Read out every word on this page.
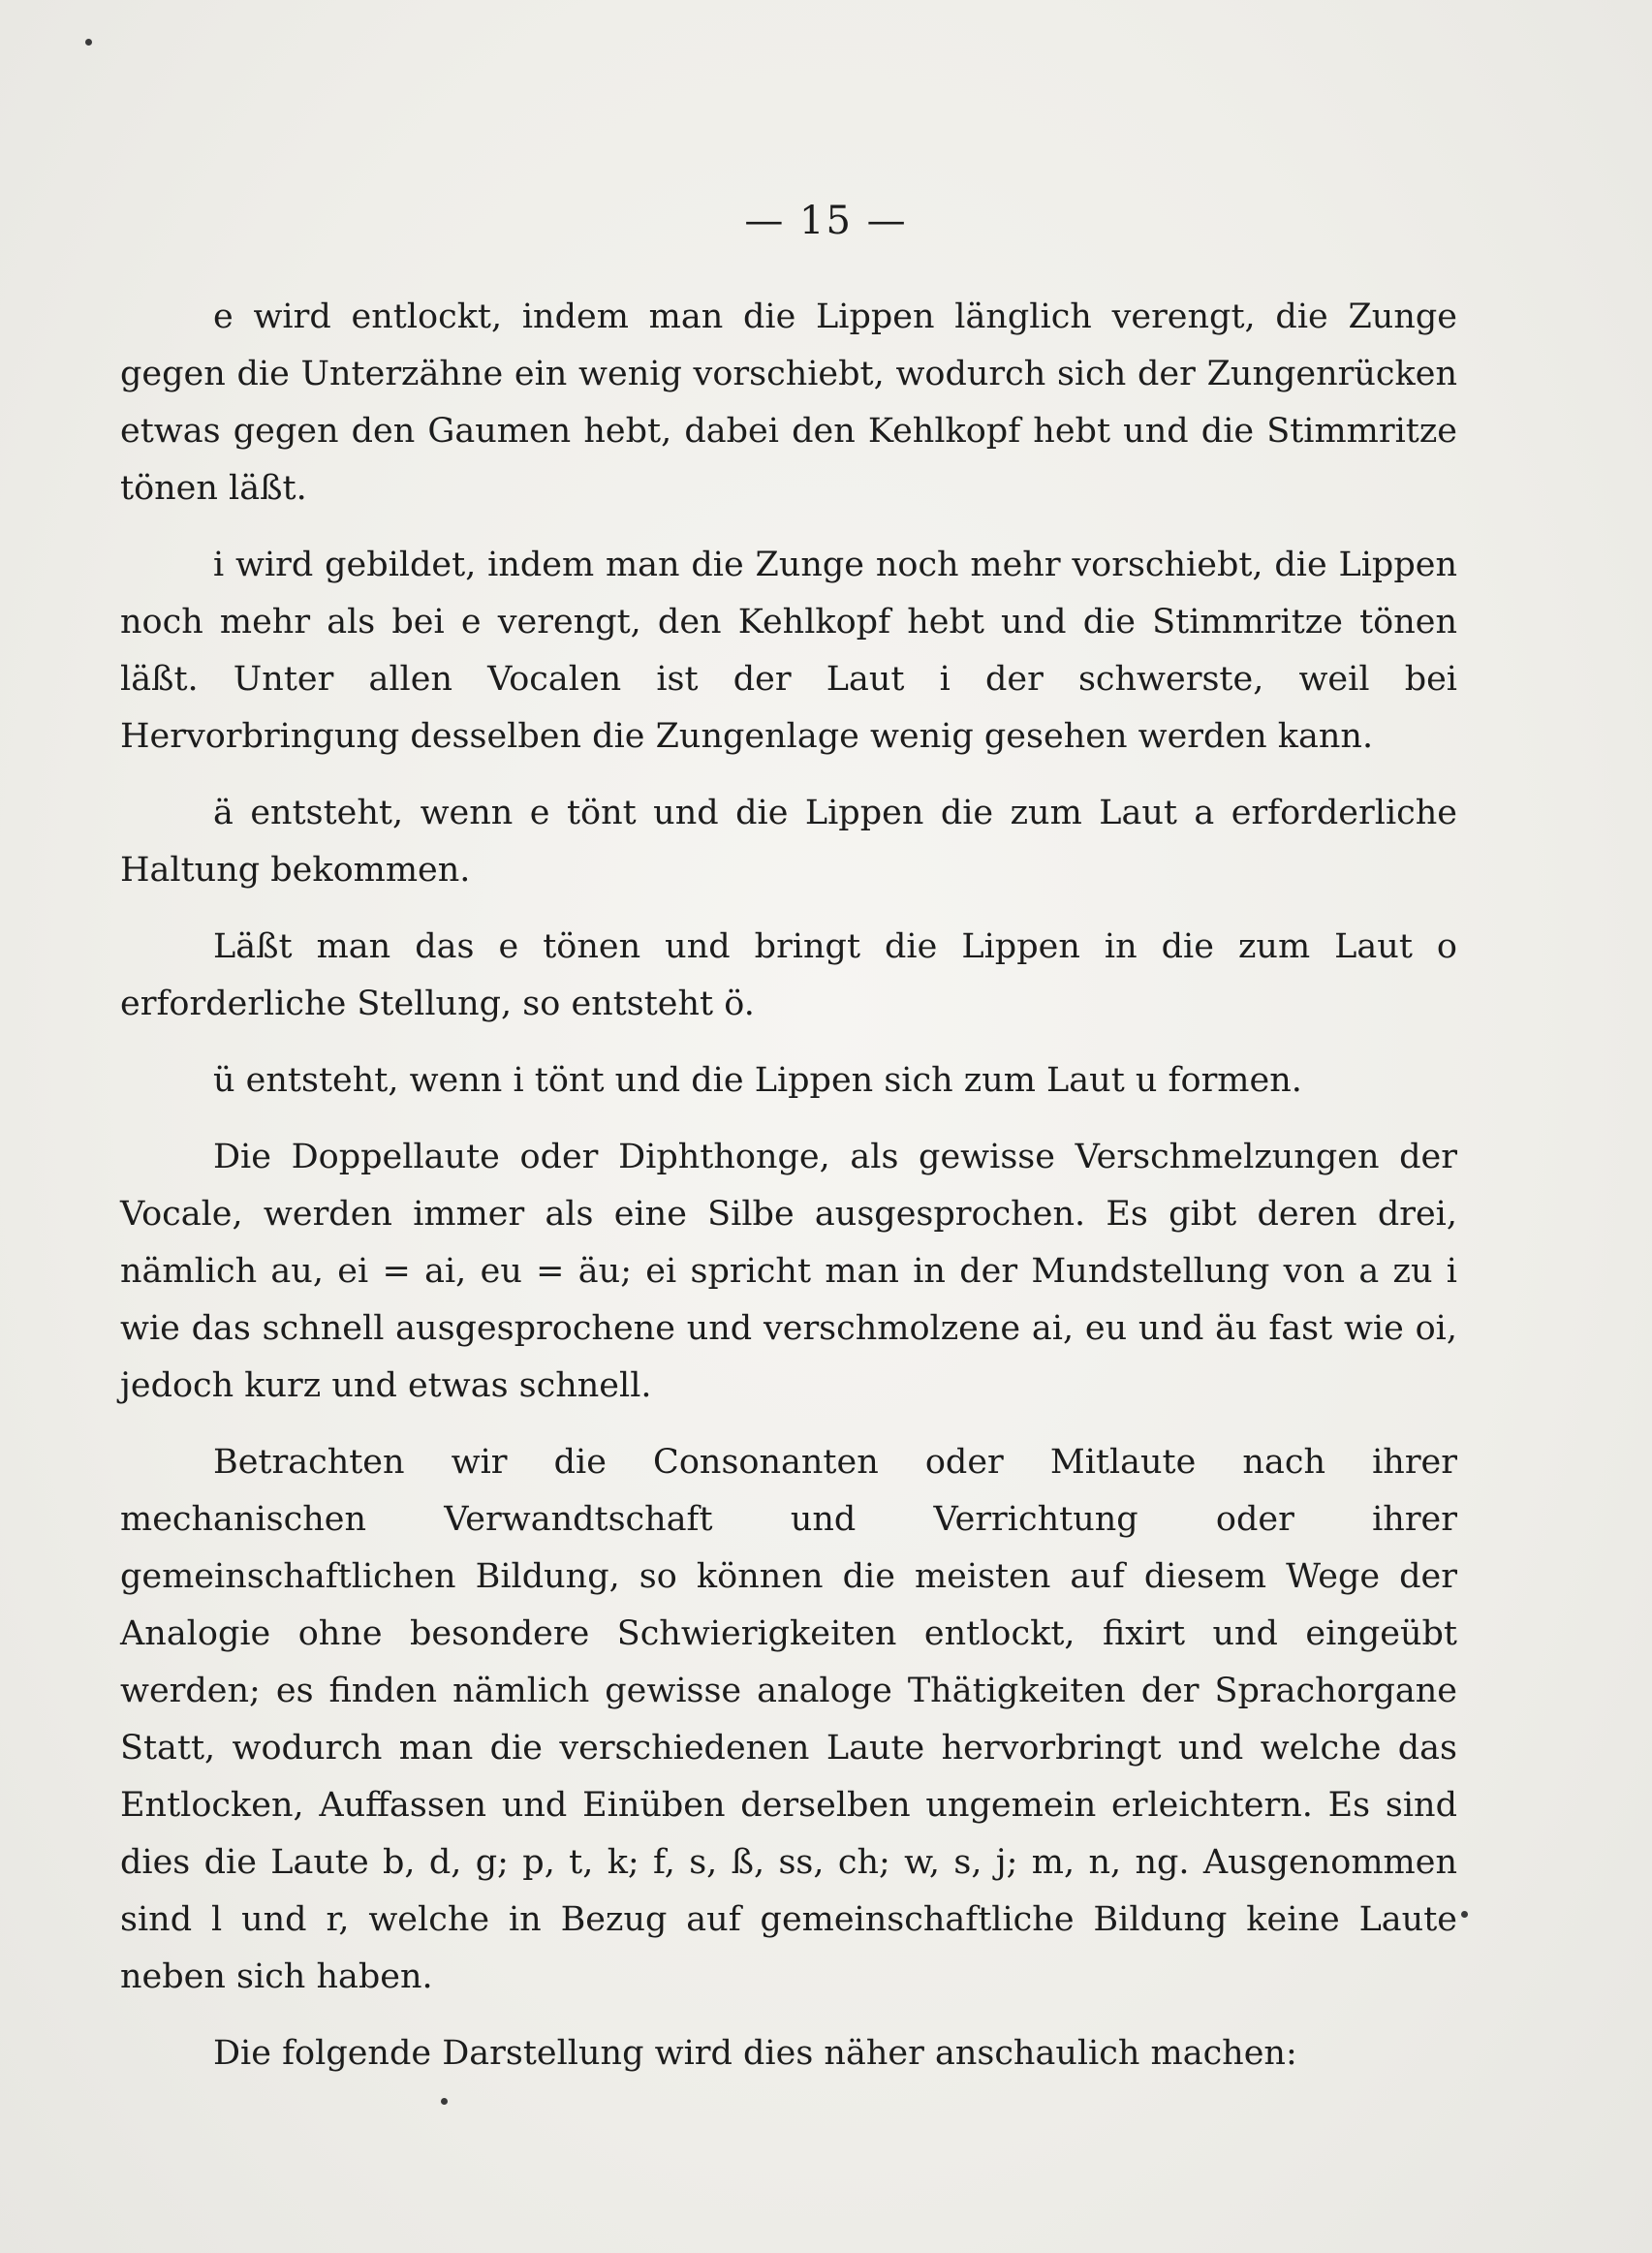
— 15 —

e wird entlockt, indem man die Lippen länglich verengt, die Zunge gegen die Unterzähne ein wenig vorschiebt, wodurch sich der Zungenrücken etwas gegen den Gaumen hebt, dabei den Kehlkopf hebt und die Stimmritze tönen läßt.

i wird gebildet, indem man die Zunge noch mehr vorschiebt, die Lippen noch mehr als bei e verengt, den Kehlkopf hebt und die Stimmritze tönen läßt. Unter allen Vocalen ist der Laut i der schwerste, weil bei Hervorbringung desselben die Zungenlage wenig gesehen werden kann.

ä entsteht, wenn e tönt und die Lippen die zum Laut a erforderliche Haltung bekommen.

Läßt man das e tönen und bringt die Lippen in die zum Laut o erforderliche Stellung, so entsteht ö.

ü entsteht, wenn i tönt und die Lippen sich zum Laut u formen.

Die Doppellaute oder Diphthonge, als gewisse Verschmelzungen der Vocale, werden immer als eine Silbe ausgesprochen. Es gibt deren drei, nämlich au, ei = ai, eu = äu; ei spricht man in der Mundstellung von a zu i wie das schnell ausgesprochene und verschmolzene ai, eu und äu fast wie oi, jedoch kurz und etwas schnell.

Betrachten wir die Consonanten oder Mitlaute nach ihrer mechanischen Verwandtschaft und Verrichtung oder ihrer gemeinschaftlichen Bildung, so können die meisten auf diesem Wege der Analogie ohne besondere Schwierigkeiten entlockt, fixirt und eingeübt werden; es finden nämlich gewisse analoge Thätigkeiten der Sprachorgane Statt, wodurch man die verschiedenen Laute hervorbringt und welche das Entlocken, Auffassen und Einüben derselben ungemein erleichtern. Es sind dies die Laute b, d, g; p, t, k; f, s, ß, ss, ch; w, s, j; m, n, ng. Ausgenommen sind l und r, welche in Bezug auf gemeinschaftliche Bildung keine Laute neben sich haben.

Die folgende Darstellung wird dies näher anschaulich machen:
